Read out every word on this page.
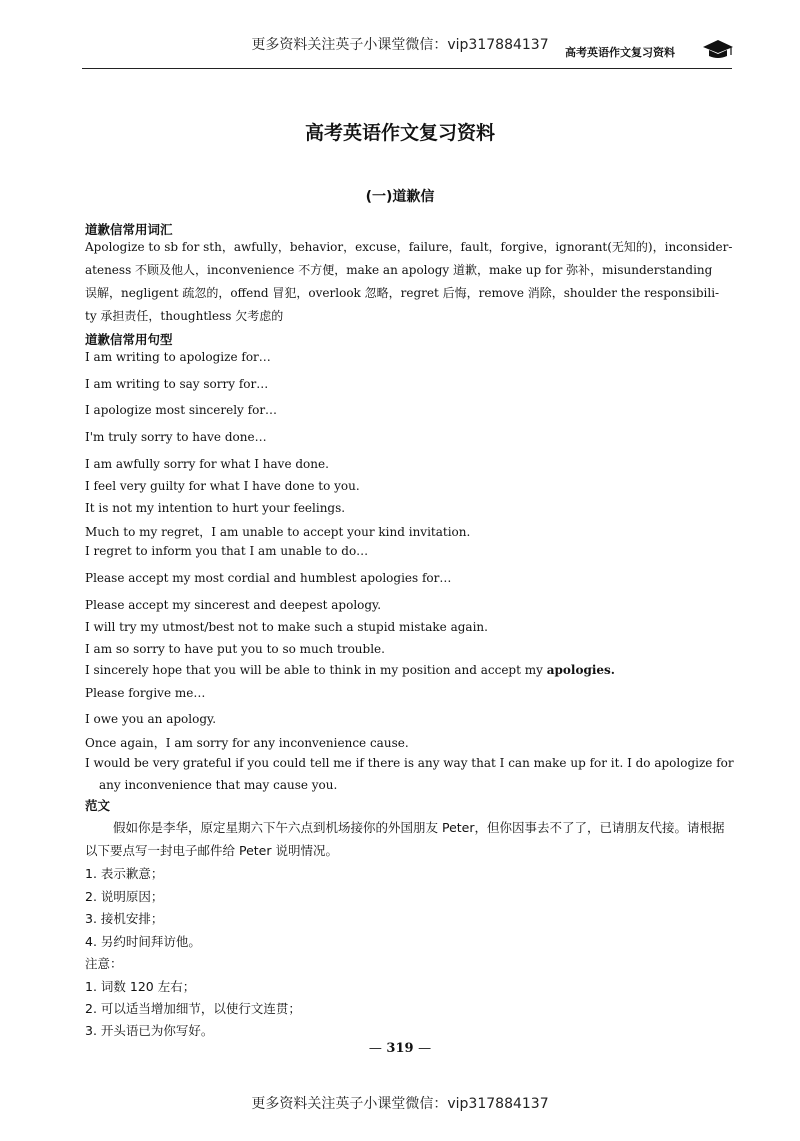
更多资料关注英子小课堂微信：vip317884137	高考英语作文复习资料
高考英语作文复习资料
(一)道歉信
道歉信常用词汇
Apologize to sb for sth，awfully，behavior，excuse，failure，fault，forgive，ignorant(无知的)，inconsider-
ateness 不顾及他人，inconvenience 不方便，make an apology 道歉，make up for 弥补，misunderstanding
误解，negligent 疏忽的，offend 冒犯，overlook 忽略，regret 后悔，remove 消除，shoulder the responsibili-
ty 承担责任，thoughtless 欠考虑的
道歉信常用句型
I am writing to apologize for…
I am writing to say sorry for…
I apologize most sincerely for…
I'm truly sorry to have done…
I am awfully sorry for what I have done.
I feel very guilty for what I have done to you.
It is not my intention to hurt your feelings.
Much to my regret，I am unable to accept your kind invitation.
I regret to inform you that I am unable to do…
Please accept my most cordial and humblest apologies for…
Please accept my sincerest and deepest apology.
I will try my utmost/best not to make such a stupid mistake again.
I am so sorry to have put you to so much trouble.
I sincerely hope that you will be able to think in my position and accept my apologies.
Please forgive me…
I owe you an apology.
Once again，I am sorry for any inconvenience cause.
I would be very grateful if you could tell me if there is any way that I can make up for it. I do apologize for any inconvenience that may cause you.
范文
假如你是李华，原定星期六下午六点到机场接你的外国朋友 Peter，但你因事去不了了，已请朋友代接。请根据以下要点写一封电子邮件给 Peter 说明情况。
1. 表示歉意；
2. 说明原因；
3. 接机安排；
4. 另约时间拜访他。
注意：
1. 词数 120 左右；
2. 可以适当增加细节，以使行文连贯；
3. 开头语已为你写好。
— 319 —
更多资料关注英子小课堂微信：vip317884137
